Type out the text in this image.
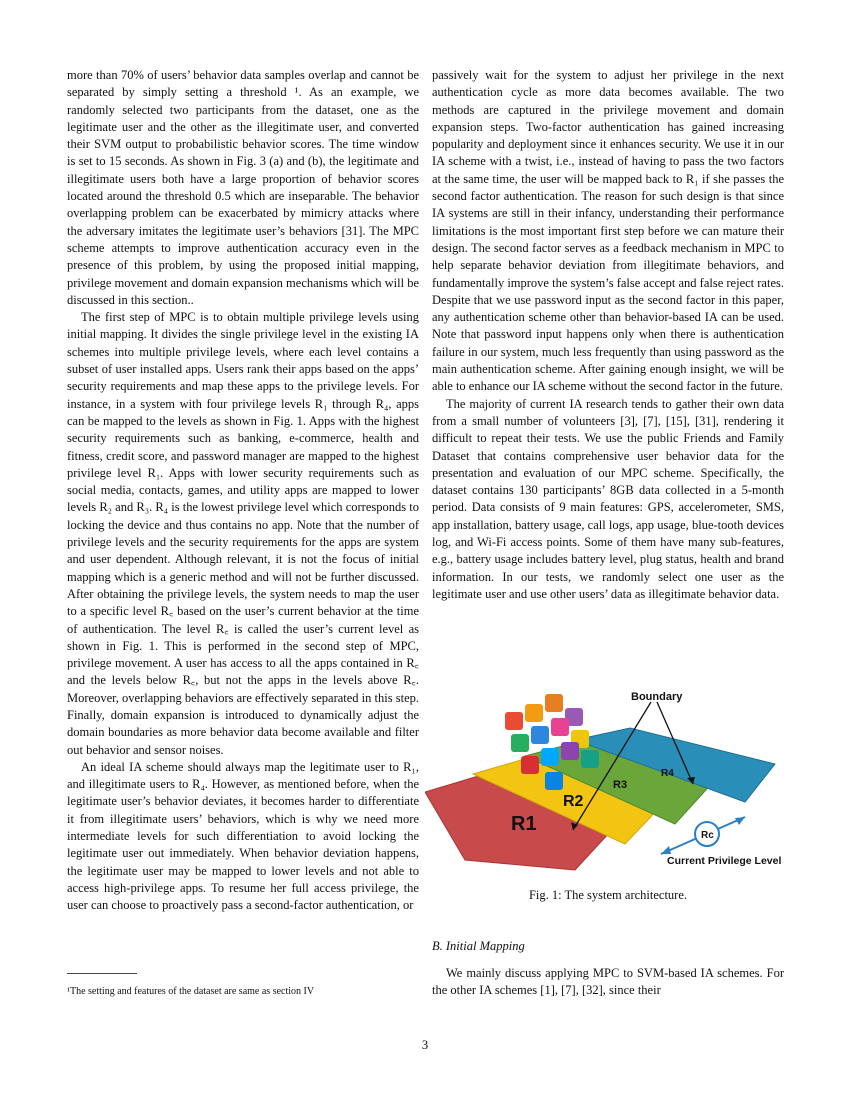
more than 70% of users’ behavior data samples overlap and cannot be separated by simply setting a threshold ¹. As an example, we randomly selected two participants from the dataset, one as the legitimate user and the other as the illegitimate user, and converted their SVM output to probabilistic behavior scores. The time window is set to 15 seconds. As shown in Fig. 3 (a) and (b), the legitimate and illegitimate users both have a large proportion of behavior scores located around the threshold 0.5 which are inseparable. The behavior overlapping problem can be exacerbated by mimicry attacks where the adversary imitates the legitimate user’s behaviors [31]. The MPC scheme attempts to improve authentication accuracy even in the presence of this problem, by using the proposed initial mapping, privilege movement and domain expansion mechanisms which will be discussed in this section..

The first step of MPC is to obtain multiple privilege levels using initial mapping. It divides the single privilege level in the existing IA schemes into multiple privilege levels, where each level contains a subset of user installed apps. Users rank their apps based on the apps’ security requirements and map these apps to the privilege levels. For instance, in a system with four privilege levels R₁ through R₄, apps can be mapped to the levels as shown in Fig. 1. Apps with the highest security requirements such as banking, e-commerce, health and fitness, credit score, and password manager are mapped to the highest privilege level R₁. Apps with lower security requirements such as social media, contacts, games, and utility apps are mapped to lower levels R₂ and R₃. R₄ is the lowest privilege level which corresponds to locking the device and thus contains no app. Note that the number of privilege levels and the security requirements for the apps are system and user dependent. Although relevant, it is not the focus of initial mapping which is a generic method and will not be further discussed. After obtaining the privilege levels, the system needs to map the user to a specific level R꜀ based on the user’s current behavior at the time of authentication. The level R꜀ is called the user’s current level as shown in Fig. 1. This is performed in the second step of MPC, privilege movement. A user has access to all the apps contained in R꜀ and the levels below R꜀, but not the apps in the levels above R꜀. Moreover, overlapping behaviors are effectively separated in this step. Finally, domain expansion is introduced to dynamically adjust the domain boundaries as more behavior data become available and filter out behavior and sensor noises.

An ideal IA scheme should always map the legitimate user to R₁, and illegitimate users to R₄. However, as mentioned before, when the legitimate user’s behavior deviates, it becomes harder to differentiate it from illegitimate users’ behaviors, which is why we need more intermediate levels for such differentiation to avoid locking the legitimate user out immediately. When behavior deviation happens, the legitimate user may be mapped to lower levels and not able to access high-privilege apps. To resume her full access privilege, the user can choose to proactively pass a second-factor authentication, or

¹The setting and features of the dataset are same as section IV

passively wait for the system to adjust her privilege in the next authentication cycle as more data becomes available. The two methods are captured in the privilege movement and domain expansion steps. Two-factor authentication has gained increasing popularity and deployment since it enhances security. We use it in our IA scheme with a twist, i.e., instead of having to pass the two factors at the same time, the user will be mapped back to R₁ if she passes the second factor authentication. The reason for such design is that since IA systems are still in their infancy, understanding their performance limitations is the most important first step before we can mature their design. The second factor serves as a feedback mechanism in MPC to help separate behavior deviation from illegitimate behaviors, and fundamentally improve the system’s false accept and false reject rates. Despite that we use password input as the second factor in this paper, any authentication scheme other than behavior-based IA can be used. Note that password input happens only when there is authentication failure in our system, much less frequently than using password as the main authentication scheme. After gaining enough insight, we will be able to enhance our IA scheme without the second factor in the future.

The majority of current IA research tends to gather their own data from a small number of volunteers [3], [7], [15], [31], rendering it difficult to repeat their tests. We use the public Friends and Family Dataset that contains comprehensive user behavior data for the presentation and evaluation of our MPC scheme. Specifically, the dataset contains 130 participants’ 8GB data collected in a 5-month period. Data consists of 9 main features: GPS, accelerometer, SMS, app installation, battery usage, call logs, app usage, blue-tooth devices log, and Wi-Fi access points. Some of them have many sub-features, e.g., battery usage includes battery level, plug status, health and brand information. In our tests, we randomly select one user as the legitimate user and use other users’ data as illegitimate behavior data.

Boundary
R1
R2
R3
R4
Rc
Current Privilege Level
Fig. 1: The system architecture.
B. Initial Mapping

We mainly discuss applying MPC to SVM-based IA schemes. For the other IA schemes [1], [7], [32], since their

3
